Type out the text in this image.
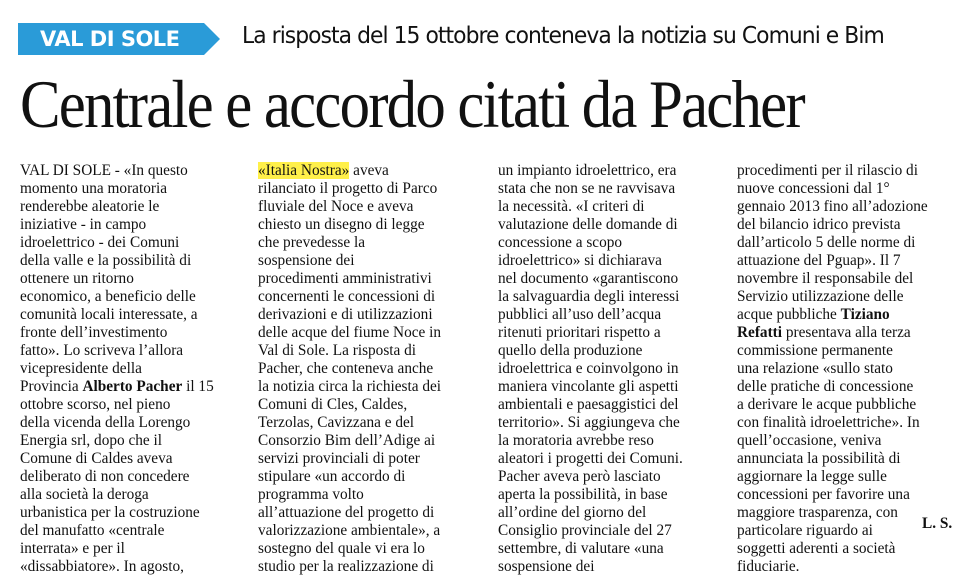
VAL DI SOLE	La risposta del 15 ottobre conteneva la notizia su Comuni e Bim
Centrale e accordo citati da Pacher
VAL DI SOLE - «In questo
momento una moratoria
renderebbe aleatorie le
iniziative - in campo
idroelettrico - dei Comuni
della valle e la possibilità di
ottenere un ritorno
economico, a beneficio delle
comunità locali interessate, a
fronte dell’investimento
fatto». Lo scriveva l’allora
vicepresidente della
Provincia Alberto Pacher il 15
ottobre scorso, nel pieno
della vicenda della Lorengo
Energia srl, dopo che il
Comune di Caldes aveva
deliberato di non concedere
alla società la deroga
urbanistica per la costruzione
del manufatto «centrale
interrata» e per il
«dissabbiatore». In agosto,
«Italia Nostra» aveva
rilanciato il progetto di Parco
fluviale del Noce e aveva
chiesto un disegno di legge
che prevedesse la
sospensione dei
procedimenti amministrativi
concernenti le concessioni di
derivazioni e di utilizzazioni
delle acque del fiume Noce in
Val di Sole. La risposta di
Pacher, che conteneva anche
la notizia circa la richiesta dei
Comuni di Cles, Caldes,
Terzolas, Cavizzana e del
Consorzio Bim dell’Adige ai
servizi provinciali di poter
stipulare «un accordo di
programma volto
all’attuazione del progetto di
valorizzazione ambientale», a
sostegno del quale vi era lo
studio per la realizzazione di
un impianto idroelettrico, era
stata che non se ne ravvisava
la necessità. «I criteri di
valutazione delle domande di
concessione a scopo
idroelettrico» si dichiarava
nel documento «garantiscono
la salvaguardia degli interessi
pubblici all’uso dell’acqua
ritenuti prioritari rispetto a
quello della produzione
idroelettrica e coinvolgono in
maniera vincolante gli aspetti
ambientali e paesaggistici del
territorio». Si aggiungeva che
la moratoria avrebbe reso
aleatori i progetti dei Comuni.
Pacher aveva però lasciato
aperta la possibilità, in base
all’ordine del giorno del
Consiglio provinciale del 27
settembre, di valutare «una
sospensione dei
procedimenti per il rilascio di
nuove concessioni dal 1°
gennaio 2013 fino all’adozione
del bilancio idrico prevista
dall’articolo 5 delle norme di
attuazione del Pguap». Il 7
novembre il responsabile del
Servizio utilizzazione delle
acque pubbliche Tiziano
Refatti presentava alla terza
commissione permanente
una relazione «sullo stato
delle pratiche di concessione
a derivare le acque pubbliche
con finalità idroelettriche». In
quell’occasione, veniva
annunciata la possibilità di
aggiornare la legge sulle
concessioni per favorire una
maggiore trasparenza, con
particolare riguardo ai
soggetti aderenti a società
fiduciarie.
L. S.
